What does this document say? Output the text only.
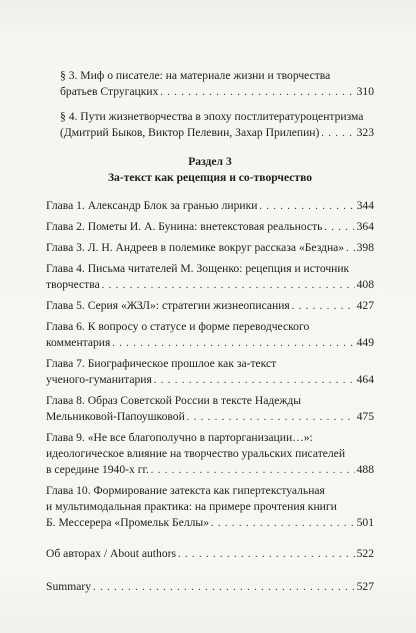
§ 3. Миф о писателе: на материале жизни и творчества
братьев Стругацких . . .	310
§ 4. Пути жизнетворчества в эпоху постлитературоцентризма
(Дмитрий Быков, Виктор Пелевин, Захар Прилепин) . . .	323
Раздел 3
За-текст как рецепция и со-творчество
Глава 1. Александр Блок за гранью лирики . . .	344
Глава 2. Пометы И. А. Бунина: внетекстовая реальность . . .	364
Глава 3. Л. Н. Андреев в полемике вокруг рассказа «Бездна» . . . 398
Глава 4. Письма читателей М. Зощенко: рецепция и источник
творчества . . .	408
Глава 5. Серия «ЖЗЛ»: стратегии жизнеописания . . .	427
Глава 6. К вопросу о статусе и форме переводческого
комментария . . .	449
Глава 7. Биографическое прошлое как за-текст
ученого-гуманитария . . .	464
Глава 8. Образ Советской России в тексте Надежды
Мельниковой-Папоушковой . . .	475
Глава 9. «Не все благополучно в парторганизации…»:
идеологическое влияние на творчество уральских писателей
в середине 1940-х гг. . . .	488
Глава 10. Формирование затекста как гипертекстуальная
и мультимодальная практика: на примере прочтения книги
Б. Мессерера «Промельк Беллы» . . .	501
Об авторах / About authors . . .	522
Summary . . .	527
